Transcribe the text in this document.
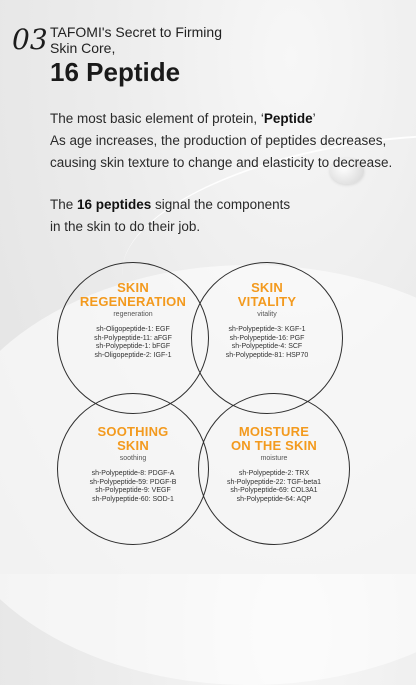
03 TAFOMI's Secret to Firming
Skin Core,
16 Peptide
The most basic element of protein, ‘Peptide’
As age increases, the production of peptides decreases,
causing skin texture to change and elasticity to decrease.
The 16 peptides signal the components
in the skin to do their job.
SKIN
REGENERATION
regeneration
sh-Oligopeptide-1: EGF
sh-Polypeptide-11: aFGF
sh-Polypeptide-1: bFGF
sh-Oligopeptide-2: IGF-1
SKIN
VITALITY
vitality
sh-Polypeptide-3: KGF-1
sh-Polypeptide-16: PGF
sh-Polypeptide-4: SCF
sh-Polypeptide-81: HSP70
SOOTHING
SKIN
soothing
sh-Polypeptide-8: PDGF-A
sh-Polypeptide-59: PDGF-B
sh-Polypeptide-9: VEGF
sh-Polypeptide-60: SOD-1
MOISTURE
ON THE SKIN
moisture
sh-Polypeptide-2: TRX
sh-Polypeptide-22: TGF-beta1
sh-Polypeptide-69: COL3A1
sh-Polypeptide-64: AQP
